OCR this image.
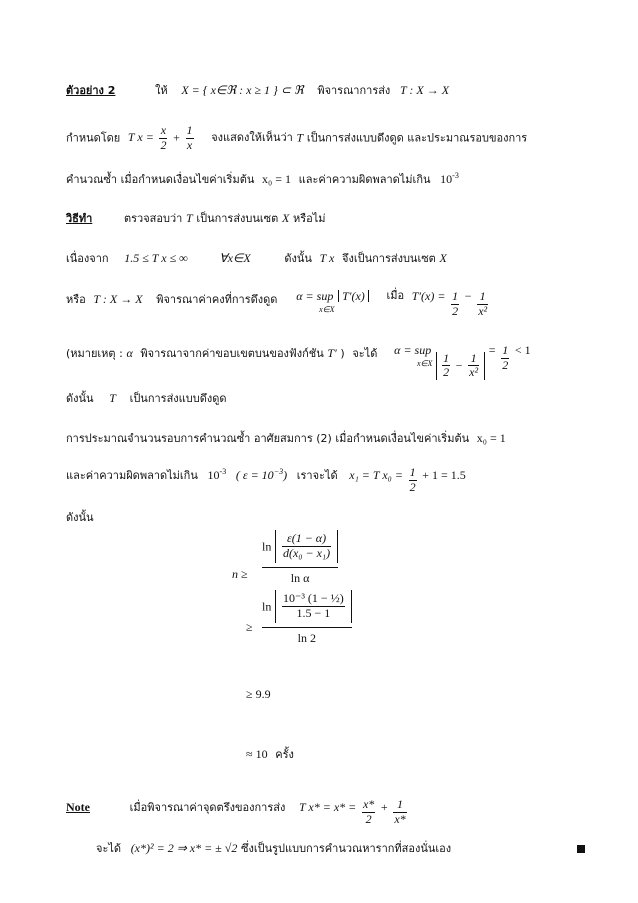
ตัวอย่าง 2	ให้ X = { x∈ℜ : x ≥ 1 } ⊂ ℜ พิจารณาการส่ง T : X → X
กำหนดโดย T $x = \frac{x}{2} + \frac{1}{x}$ จงแสดงให้เห็นว่า T เป็นการส่งแบบดึงดูด และประมาณรอบของการ
คำนวณซ้ำ เมื่อกำหนดเงื่อนไขค่าเริ่มต้น x₀ = 1 และค่าความผิดพลาดไม่เกิน $10^{-3}$
วิธีทำ	ตรวจสอบว่า T เป็นการส่งบนเซต X หรือไม่
เนื่องจาก 1.5 ≤ T x ≤ ∞	∀x∈X	ดังนั้น T x จึงเป็นการส่งบนเซต X
หรือ T : X → X พิจารณาค่าคงที่การดึงดูด α = sup
x∈X T′(x) เมื่อ $T'(x) = \frac{1}{2} - \frac{1}{\text{x²}}$
(หมายเหตุ : α พิจารณาจากค่าขอบเขตบนของฟังก์ชัน T′ ) จะได้ α = sup
x∈X $\frac{1}{2} - \frac{1}{\text{x²}}$
= $\frac{1}{2} < 1$
ดังนั้น T เป็นการส่งแบบดึงดูด
การประมาณจำนวนรอบการคำนวณซ้ำ อาศัยสมการ (2) เมื่อกำหนดเงื่อนไขค่าเริ่มต้น x₀ = 1
และค่าความผิดพลาดไม่เกิน $10^{-3}$ ( $\varepsilon = 10^{-3}$) เราจะได้ x₁ = T $x_0 = \frac{1}{2} + 1 = 1.5$
ดังนั้น
$n \ge \frac{\ln \frac{\varepsilon(1 - \alpha)}{\text{d(x₀ − x₁)}}}{\text{ln α}}$
≥ $\frac{\ln \frac{\text{10⁻³ (1 − ½)}}{1.5 - 1}}{\ln 2}$
≥ 9.9
≈ 10 ครั้ง
Note	เมื่อพิจารณาค่าจุดตรึงของการส่ง T $x* = x* = \frac{x*}{2} + \frac{1}{x*}$
จะได้ (x*)² = 2 ⇒ x* = ± √2 ซึ่งเป็นรูปแบบการคำนวณหารากที่สองนั่นเอง
